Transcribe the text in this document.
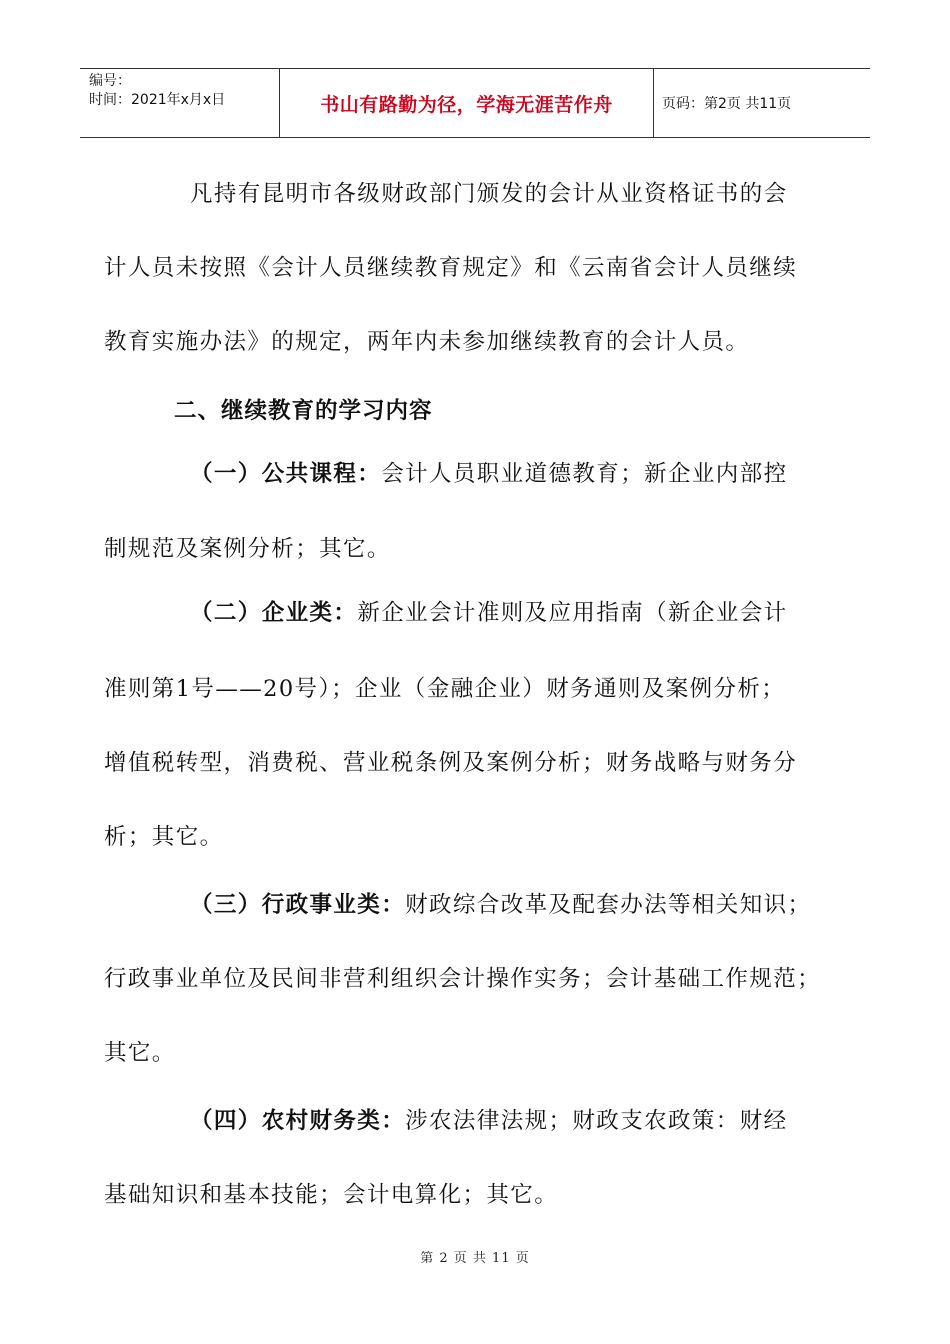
编号：
时间：2021年x月x日	书山有路勤为径，学海无涯苦作舟	页码：第2页 共11页
凡持有昆明市各级财政部门颁发的会计从业资格证书的会
计人员未按照《会计人员继续教育规定》和《云南省会计人员继续
教育实施办法》的规定，两年内未参加继续教育的会计人员。
二、继续教育的学习内容
（一）公共课程：会计人员职业道德教育；新企业内部控
制规范及案例分析；其它。
（二）企业类：新企业会计准则及应用指南（新企业会计
准则第1号——20号）；企业（金融企业）财务通则及案例分析；
增值税转型，消费税、营业税条例及案例分析；财务战略与财务分
析；其它。
（三）行政事业类：财政综合改革及配套办法等相关知识；
行政事业单位及民间非营利组织会计操作实务；会计基础工作规范；
其它。
（四）农村财务类：涉农法律法规；财政支农政策：财经
基础知识和基本技能；会计电算化；其它。
第 2 页 共 11 页
